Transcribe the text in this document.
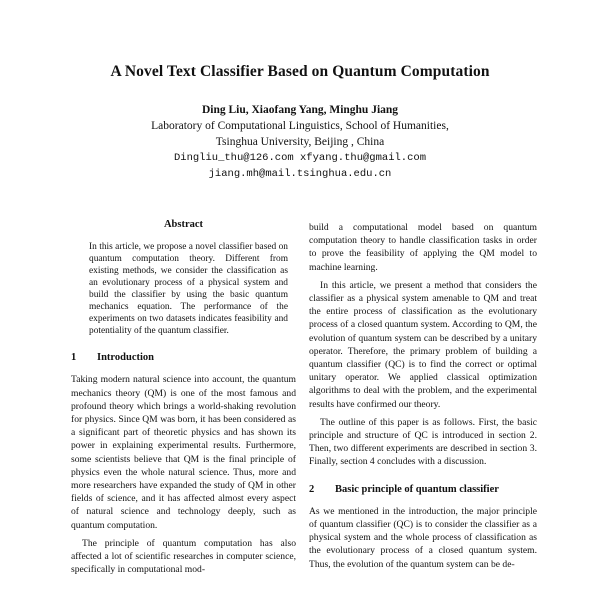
A Novel Text Classifier Based on Quantum Computation
Ding Liu, Xiaofang Yang, Minghu Jiang
Laboratory of Computational Linguistics, School of Humanities,
Tsinghua University, Beijing , China
Dingliu_thu@126.com xfyang.thu@gmail.com
jiang.mh@mail.tsinghua.edu.cn
Abstract
In this article, we propose a novel classifier based on quantum computation theory. Different from existing methods, we consider the classification as an evolutionary process of a physical system and build the classifier by using the basic quantum mechanics equation. The performance of the experiments on two datasets indicates feasibility and potentiality of the quantum classifier.
1	Introduction

Taking modern natural science into account, the quantum mechanics theory (QM) is one of the most famous and profound theory which brings a world-shaking revolution for physics. Since QM was born, it has been considered as a significant part of theoretic physics and has shown its power in explaining experimental results. Furthermore, some scientists believe that QM is the final principle of physics even the whole natural science. Thus, more and more researchers have expanded the study of QM in other fields of science, and it has affected almost every aspect of natural science and technology deeply, such as quantum computation.

The principle of quantum computation has also affected a lot of scientific researches in computer science, specifically in computational mod-

build a computational model based on quantum computation theory to handle classification tasks in order to prove the feasibility of applying the QM model to machine learning.

In this article, we present a method that considers the classifier as a physical system amenable to QM and treat the entire process of classification as the evolutionary process of a closed quantum system. According to QM, the evolution of quantum system can be described by a unitary operator. Therefore, the primary problem of building a quantum classifier (QC) is to find the correct or optimal unitary operator. We applied classical optimization algorithms to deal with the problem, and the experimental results have confirmed our theory.

The outline of this paper is as follows. First, the basic principle and structure of QC is introduced in section 2. Then, two different experiments are described in section 3. Finally, section 4 concludes with a discussion.

2	Basic principle of quantum classifier

As we mentioned in the introduction, the major principle of quantum classifier (QC) is to consider the classifier as a physical system and the whole process of classification as the evolutionary process of a closed quantum system. Thus, the evolution of the quantum system can be de-
